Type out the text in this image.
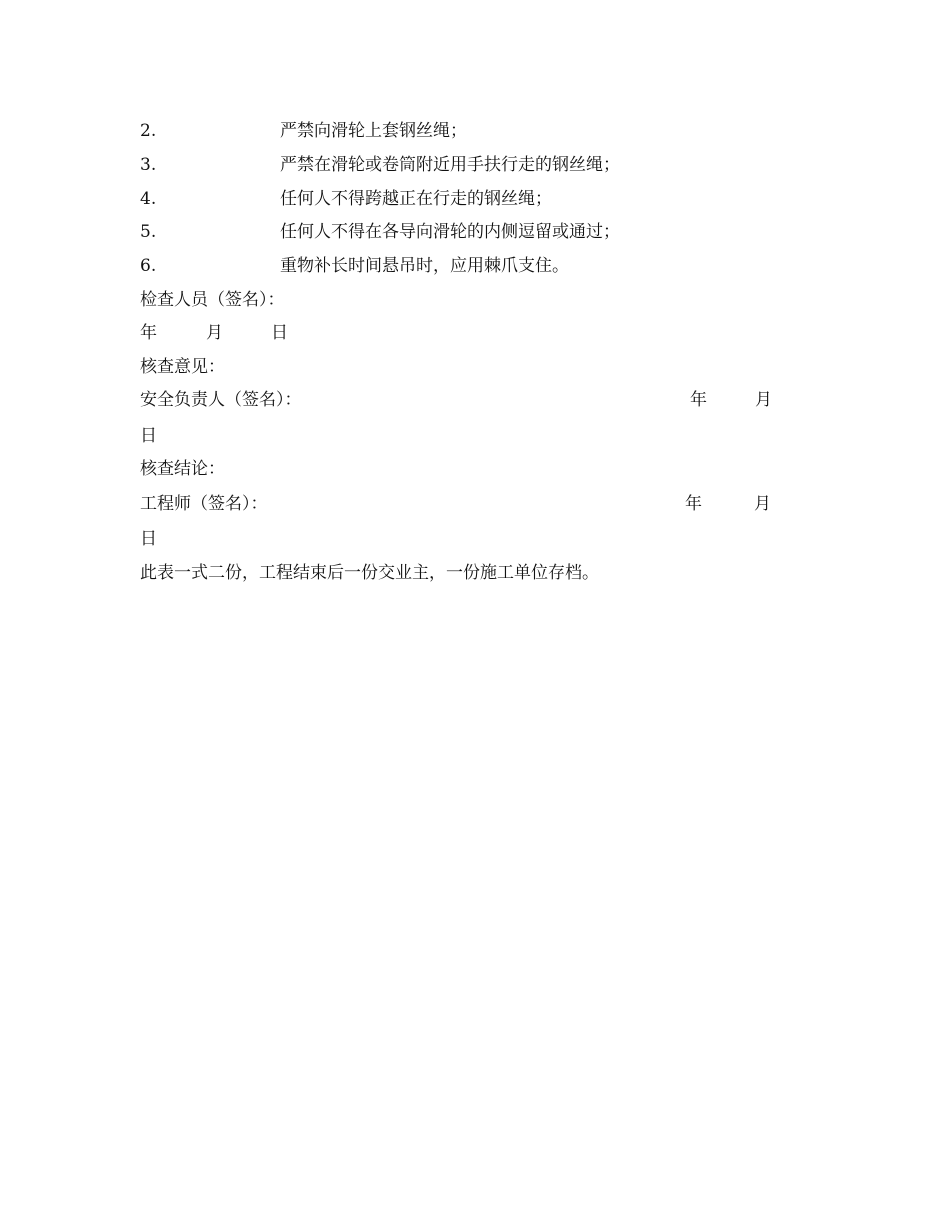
2.	严禁向滑轮上套钢丝绳；
3.	严禁在滑轮或卷筒附近用手扶行走的钢丝绳；
4.	任何人不得跨越正在行走的钢丝绳；
5.	任何人不得在各导向滑轮的内侧逗留或通过；
6.	重物补长时间悬吊时，应用棘爪支住。
检查人员（签名）：
年	月	日
核查意见：
安全负责人（签名）：	年	月
日
核查结论：
工程师（签名）：	年	月
日
此表一式二份，工程结束后一份交业主，一份施工单位存档。
